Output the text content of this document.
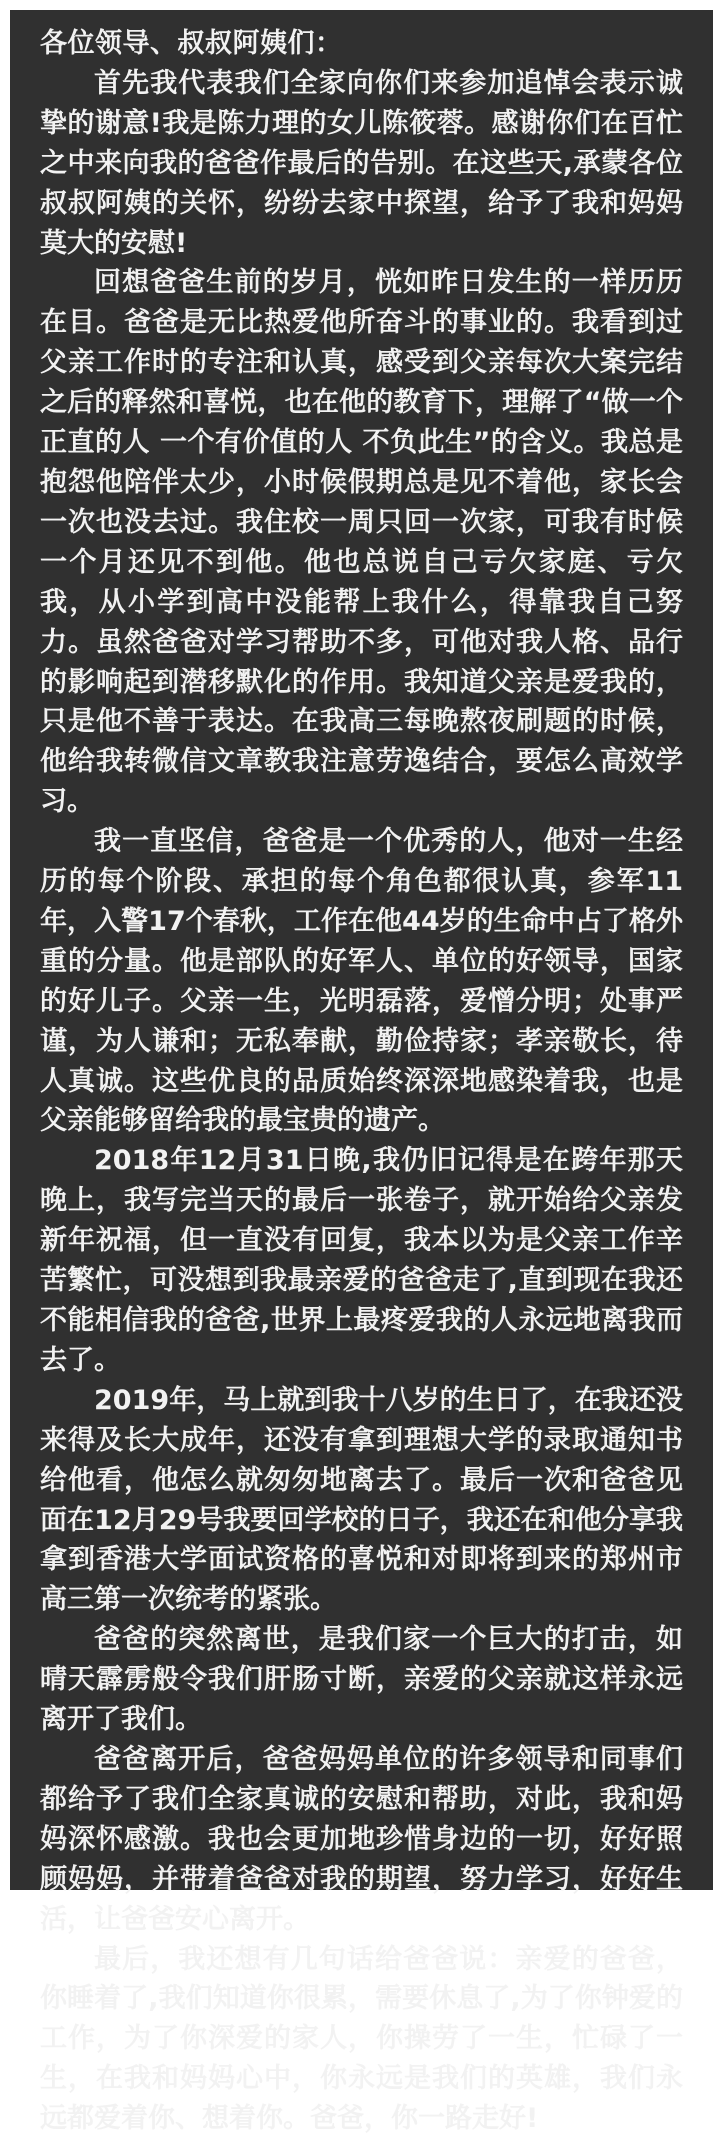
各位领导、叔叔阿姨们：

首先我代表我们全家向你们来参加追悼会表示诚挚的谢意!我是陈力理的女儿陈筱蓉。感谢你们在百忙之中来向我的爸爸作最后的告别。在这些天,承蒙各位叔叔阿姨的关怀，纷纷去家中探望，给予了我和妈妈莫大的安慰!

回想爸爸生前的岁月，恍如昨日发生的一样历历在目。爸爸是无比热爱他所奋斗的事业的。我看到过父亲工作时的专注和认真，感受到父亲每次大案完结之后的释然和喜悦，也在他的教育下，理解了“做一个正直的人 一个有价值的人 不负此生”的含义。我总是抱怨他陪伴太少，小时候假期总是见不着他，家长会一次也没去过。我住校一周只回一次家，可我有时候一个月还见不到他。他也总说自己亏欠家庭、亏欠我，从小学到高中没能帮上我什么，得靠我自己努力。虽然爸爸对学习帮助不多，可他对我人格、品行的影响起到潜移默化的作用。我知道父亲是爱我的，只是他不善于表达。在我高三每晚熬夜刷题的时候，他给我转微信文章教我注意劳逸结合，要怎么高效学习。

我一直坚信，爸爸是一个优秀的人，他对一生经历的每个阶段、承担的每个角色都很认真，参军11年，入警17个春秋，工作在他44岁的生命中占了格外重的分量。他是部队的好军人、单位的好领导，国家的好儿子。父亲一生，光明磊落，爱憎分明；处事严谨，为人谦和；无私奉献，勤俭持家；孝亲敬长，待人真诚。这些优良的品质始终深深地感染着我，也是父亲能够留给我的最宝贵的遗产。

2018年12月31日晚,我仍旧记得是在跨年那天晚上，我写完当天的最后一张卷子，就开始给父亲发新年祝福，但一直没有回复，我本以为是父亲工作辛苦繁忙，可没想到我最亲爱的爸爸走了,直到现在我还不能相信我的爸爸,世界上最疼爱我的人永远地离我而去了。

2019年，马上就到我十八岁的生日了，在我还没来得及长大成年，还没有拿到理想大学的录取通知书给他看，他怎么就匆匆地离去了。最后一次和爸爸见面在12月29号我要回学校的日子，我还在和他分享我拿到香港大学面试资格的喜悦和对即将到来的郑州市高三第一次统考的紧张。

爸爸的突然离世，是我们家一个巨大的打击，如晴天霹雳般令我们肝肠寸断，亲爱的父亲就这样永远离开了我们。

爸爸离开后，爸爸妈妈单位的许多领导和同事们都给予了我们全家真诚的安慰和帮助，对此，我和妈妈深怀感激。我也会更加地珍惜身边的一切，好好照顾妈妈，并带着爸爸对我的期望，努力学习，好好生活，让爸爸安心离开。

最后，我还想有几句话给爸爸说：亲爱的爸爸，你睡着了,我们知道你很累，需要休息了,为了你钟爱的工作，为了你深爱的家人，你操劳了一生，忙碌了一生，在我和妈妈心中，你永远是我们的英雄，我们永远都爱着你、想着你。爸爸，你一路走好!
